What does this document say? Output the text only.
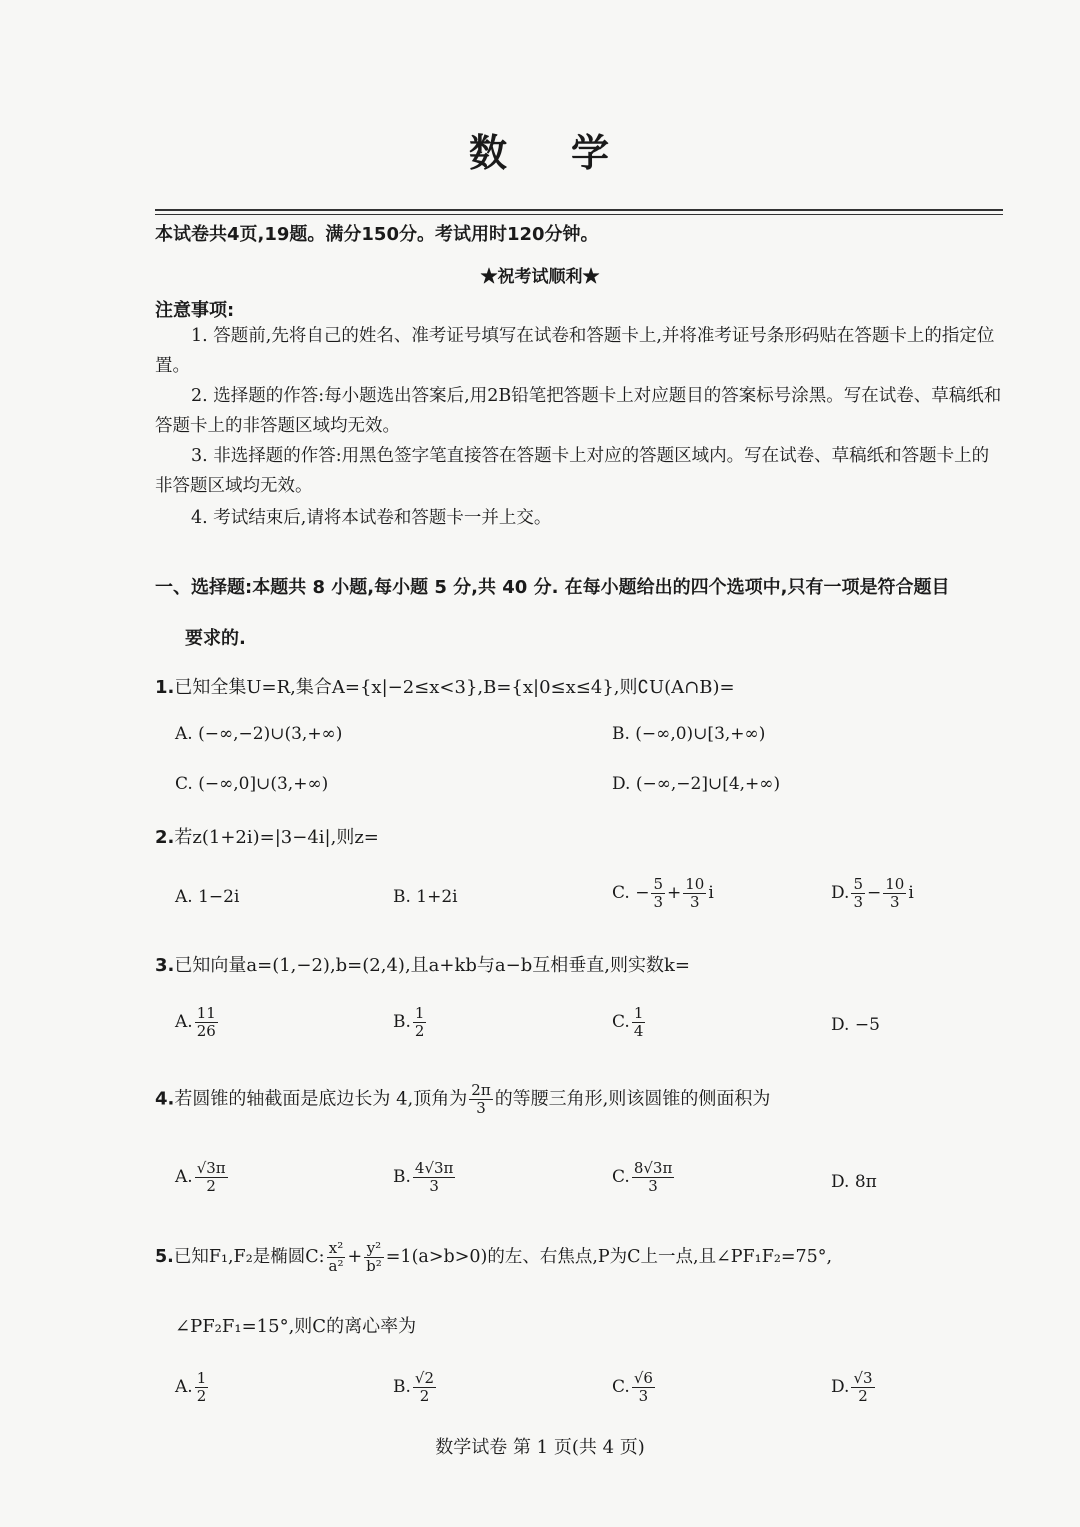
数 学
本试卷共4页,19题。满分150分。考试用时120分钟。
★祝考试顺利★
注意事项:
1. 答题前,先将自己的姓名、准考证号填写在试卷和答题卡上,并将准考证号条形码贴在答题卡上的指定位置。
2. 选择题的作答:每小题选出答案后,用2B铅笔把答题卡上对应题目的答案标号涂黑。写在试卷、草稿纸和答题卡上的非答题区域均无效。
3. 非选择题的作答:用黑色签字笔直接答在答题卡上对应的答题区域内。写在试卷、草稿纸和答题卡上的非答题区域均无效。
4. 考试结束后,请将本试卷和答题卡一并上交。
一、选择题:本题共 8 小题,每小题 5 分,共 40 分. 在每小题给出的四个选项中,只有一项是符合题目
要求的.
1.已知全集U=R,集合A={x|−2≤x<3},B={x|0≤x≤4},则∁U(A∩B)=
A. (−∞,−2)∪(3,+∞)	B. (−∞,0)∪[3,+∞)
C. (−∞,0]∪(3,+∞)	D. (−∞,−2]∪[4,+∞)
2.若z(1+2i)=|3−4i|,则z=
A. 1−2i	B. 1+2i	C. − $\frac{5}{3} + \frac{10}{3}$ i	D. $\frac{5}{3} - \frac{10}{3}$ i
3.已知向量a=(1,−2),b=(2,4),且a+kb与a−b互相垂直,则实数k=
A. $\frac{11}{26}$	B. $\frac{1}{2}$	C. $\frac{1}{4}$	D. −5
4.若圆锥的轴截面是底边长为 4,顶角为 $\frac{2\pi}{3}$ 的等腰三角形,则该圆锥的侧面积为
A. $\frac{√3\pi}{2}$	B. $\frac{4√3\pi}{3}$	C. $\frac{8√3\pi}{3}$	D. 8π
5.已知F₁,F₂是椭圆C: $\frac{\text{x²}}{\text{a²}} + \frac{\text{y²}}{\text{b²}} =1(a>b>0)$的左、右焦点,P为C上一点,且∠PF₁F₂=75°,
∠PF₂F₁=15°,则C的离心率为
A. $\frac{1}{2}$	B. $\frac{√2}{2}$	C. $\frac{√6}{3}$	D. $\frac{√3}{2}$
数学试卷 第 1 页(共 4 页)
